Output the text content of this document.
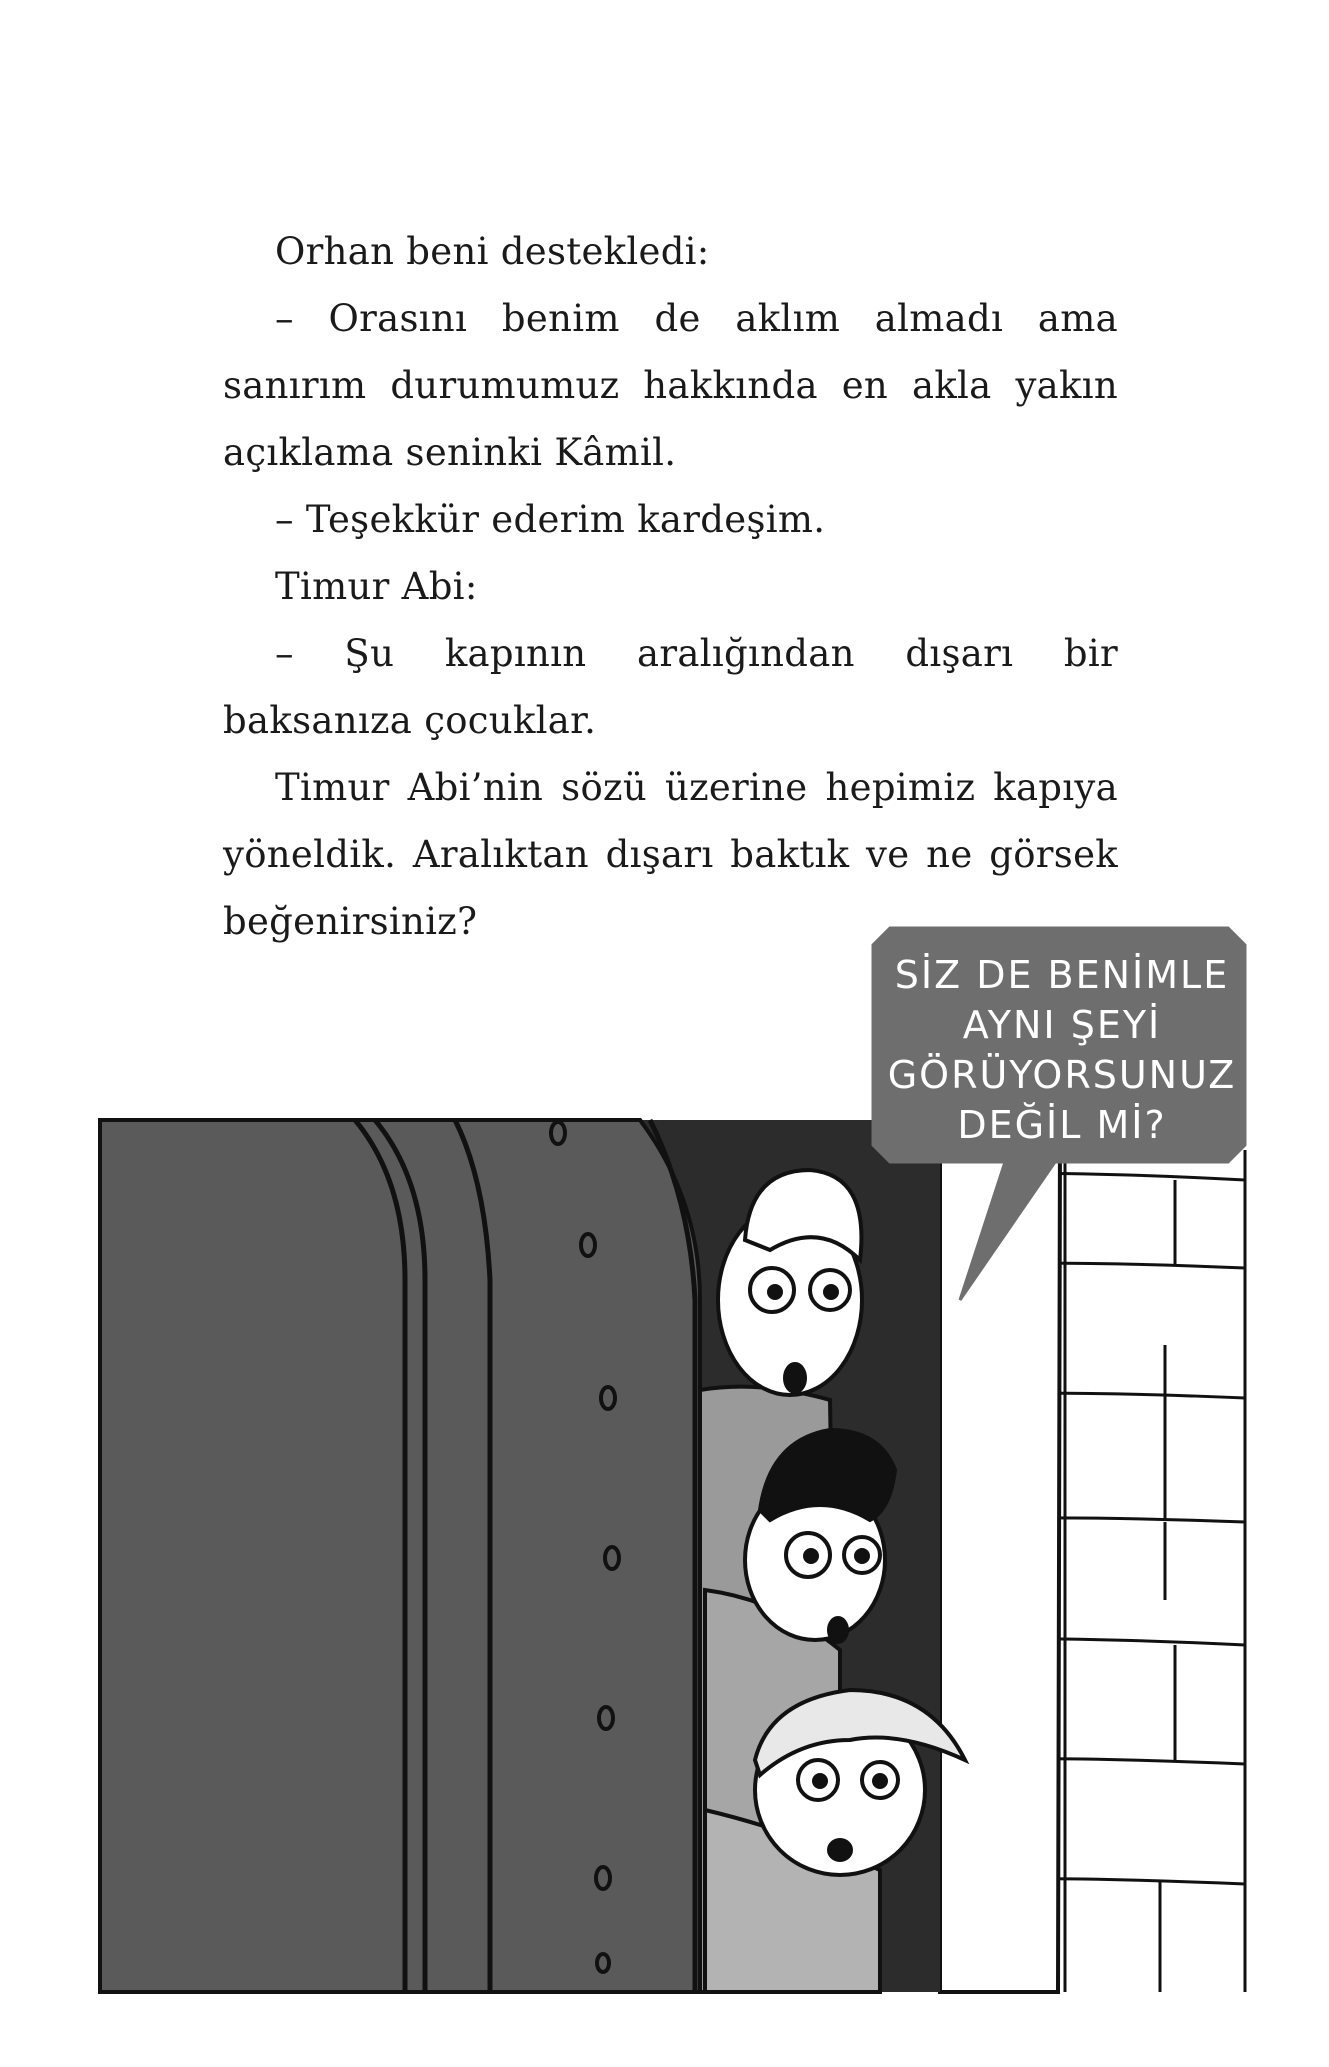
Orhan beni destekledi:

– Orasını benim de aklım almadı ama sanırım durumumuz hakkında en akla yakın açıklama seninki Kâmil.

– Teşekkür ederim kardeşim.

Timur Abi:

– Şu kapının aralığından dışarı bir baksanıza çocuklar.

Timur Abi’nin sözü üzerine hepimiz kapıya yöneldik. Aralıktan dışarı baktık ve ne görsek beğenirsiniz?

SİZ DE BENİMLE
AYNI ŞEYİ
GÖRÜYORSUNUZ
DEĞİL Mİ?
